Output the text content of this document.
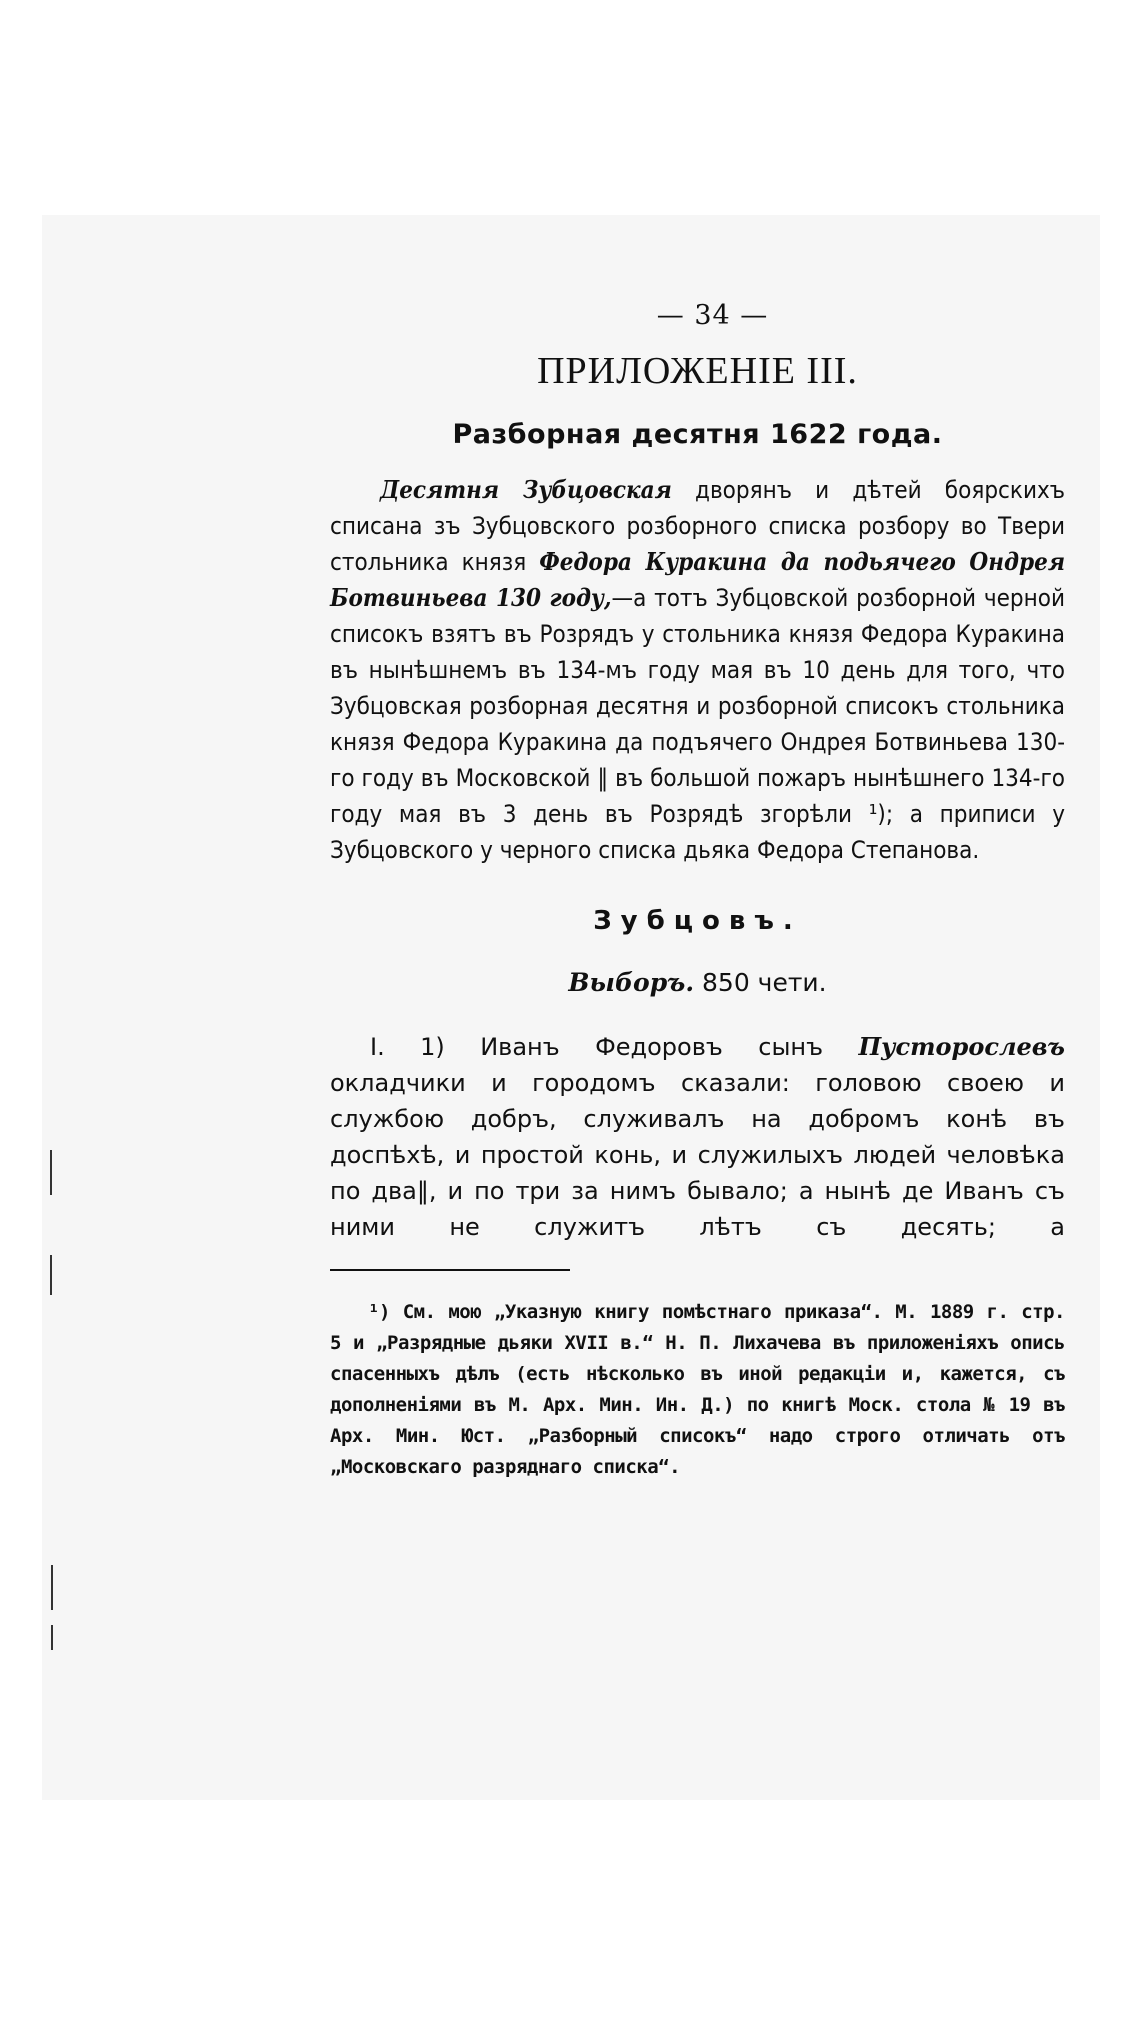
— 34 —
ПРИЛОЖЕНІЕ III.
Разборная десятня 1622 года.

Десятня Зубцовская дворянъ и дѣтей боярскихъ списана зъ Зубцовского розборного списка розбору во Твери стольника князя Федора Куракина да подьячего Ондрея Ботвиньева 130 году,—а тотъ Зубцовской розборной черной списокъ взятъ въ Розрядъ у стольника князя Федора Куракина въ нынѣшнемъ въ 134-мъ году мая въ 10 день для того, что Зубцовская розборная десятня и розборной списокъ стольника князя Федора Куракина да подъячего Ондрея Ботвиньева 130-го году въ Московской ‖ въ большой пожаръ нынѣшнего 134-го году мая въ 3 день въ Розрядѣ згорѣли ¹); а приписи у Зубцовского у черного списка дьяка Федора Степанова.

Зубцовъ.
Выборъ. 850 чети.

I. 1) Иванъ Федоровъ сынъ Пустороcлевъ окладчики и городомъ сказали: головою своею и службою добръ, служивалъ на добромъ конѣ въ доспѣхѣ, и простой конь, и служилыхъ людей человѣка по два‖, и по три за нимъ бывало; а нынѣ де Иванъ съ ними не служитъ лѣтъ съ десять; а

¹) См. мою „Указную книгу помѣстнаго приказа“. М. 1889 г. стр. 5 и „Разрядные дьяки XVII в.“ Н. П. Лихачева въ приложеніяхъ опись спасенныхъ дѣлъ (есть нѣсколько въ иной редакціи и, кажется, съ дополненіями въ М. Арх. Мин. Ин. Д.) по книгѣ Моск. стола № 19 въ Арх. Мин. Юст. „Разборный списокъ“ надо строго отличать отъ „Московскаго разряднаго списка“.
